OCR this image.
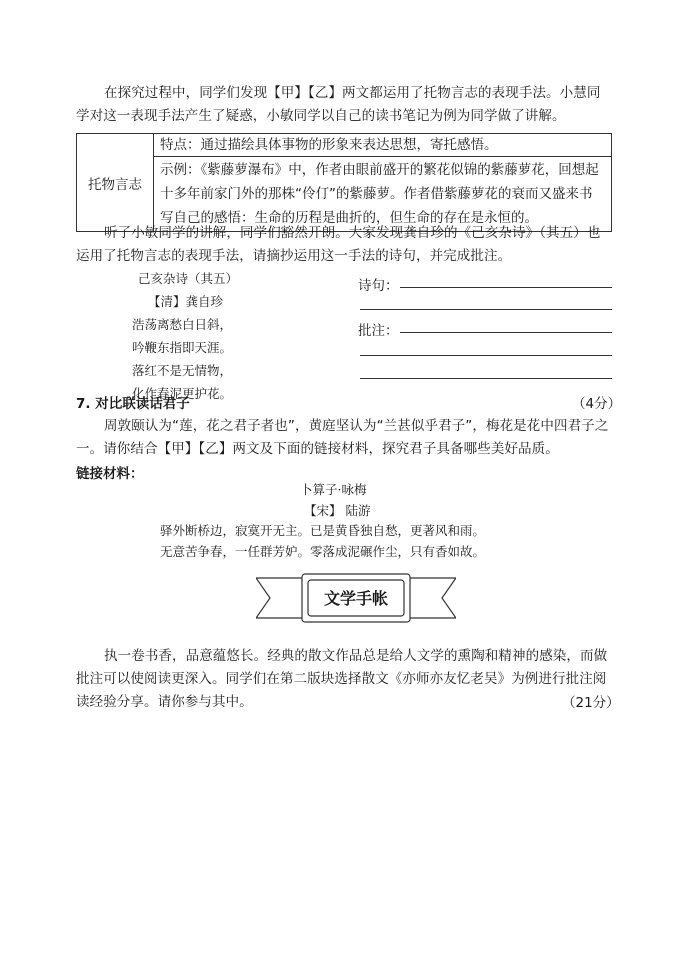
在探究过程中，同学们发现【甲】【乙】两文都运用了托物言志的表现手法。小慧同学对这一表现手法产生了疑惑，小敏同学以自己的读书笔记为例为同学做了讲解。
托物言志	特点：通过描绘具体事物的形象来表达思想，寄托感悟。
示例：《紫藤萝瀑布》中，作者由眼前盛开的繁花似锦的紫藤萝花，回想起十多年前家门外的那株“伶仃”的紫藤萝。作者借紫藤萝花的衰而又盛来书写自己的感悟：生命的历程是曲折的，但生命的存在是永恒的。
听了小敏同学的讲解，同学们豁然开朗。大家发现龚自珍的《己亥杂诗》（其五）也运用了托物言志的表现手法，请摘抄运用这一手法的诗句，并完成批注。
己亥杂诗（其五）
【清】龚自珍
浩荡离愁白日斜，
吟鞭东指即天涯。
落红不是无情物，
化作春泥更护花。
诗句：
批注：
7. 对比联读话君子	（4分）
周敦颐认为“莲，花之君子者也”，黄庭坚认为“兰甚似乎君子”，梅花是花中四君子之一。请你结合【甲】【乙】两文及下面的链接材料，探究君子具备哪些美好品质。
链接材料：
卜算子·咏梅
【宋】 陆游
驿外断桥边，寂寞开无主。已是黄昏独自愁，更著风和雨。
无意苦争春，一任群芳妒。零落成泥碾作尘，只有香如故。
文学手帐
执一卷书香，品意蕴悠长。经典的散文作品总是给人文学的熏陶和精神的感染，而做批注可以使阅读更深入。同学们在第二版块选择散文《亦师亦友忆老吴》为例进行批注阅读经验分享。请你参与其中。	（21分）
